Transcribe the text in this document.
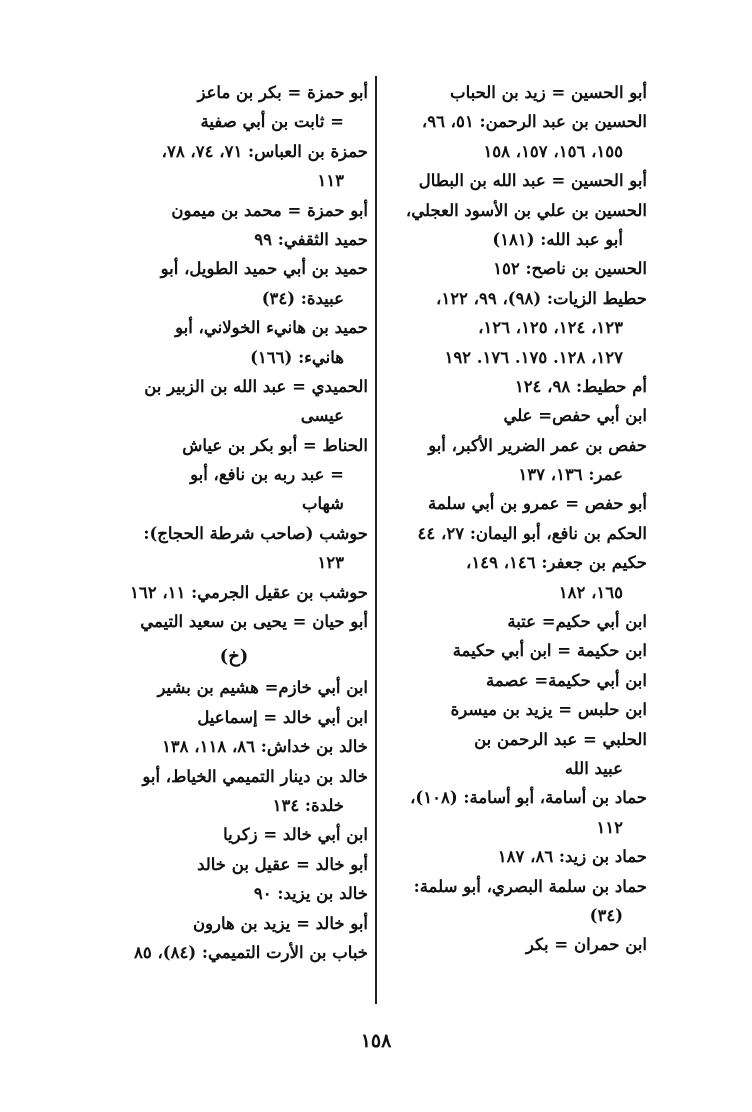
أبو الحسين = زيد بن الحباب
الحسين بن عبد الرحمن: ٥١، ٩٦،
١٥٥، ١٥٦، ١٥٧، ١٥٨
أبو الحسين = عبد الله بن البطال
الحسين بن علي بن الأسود العجلي،
أبو عبد الله: (١٨١)
الحسين بن ناصح: ١٥٢
حطيط الزيات: (٩٨)، ٩٩، ١٢٢،
١٢٣، ١٢٤، ١٢٥، ١٢٦،
١٢٧، ١٢٨. ١٧٥. ١٧٦. ١٩٢
أم حطيط: ٩٨، ١٢٤
ابن أبي حفص= علي
حفص بن عمر الضرير الأكبر، أبو
عمر: ١٣٦، ١٣٧
أبو حفص = عمرو بن أبي سلمة
الحكم بن نافع، أبو اليمان: ٢٧، ٤٤
حكيم بن جعفر: ١٤٦، ١٤٩،
١٦٥، ١٨٢
ابن أبي حكيم= عتبة
ابن حكيمة = ابن أبي حكيمة
ابن أبي حكيمة= عصمة
ابن حلبس = يزيد بن ميسرة
الحلبي = عبد الرحمن بن
عبيد الله
حماد بن أسامة، أبو أسامة: (١٠٨)،
١١٢
حماد بن زيد: ٨٦، ١٨٧
حماد بن سلمة البصري، أبو سلمة:
(٣٤)
ابن حمران = بكر
أبو حمزة = بكر بن ماعز
= ثابت بن أبي صفية
حمزة بن العباس: ٧١، ٧٤، ٧٨،
١١٣
أبو حمزة = محمد بن ميمون
حميد الثقفي: ٩٩
حميد بن أبي حميد الطويل، أبو
عبيدة: (٣٤)
حميد بن هانيء الخولاني، أبو
هانيء: (١٦٦)
الحميدي = عبد الله بن الزبير بن
عيسى
الحناط = أبو بكر بن عياش
= عبد ربه بن نافع، أبو
شهاب
حوشب (صاحب شرطة الحجاج):
١٢٣
حوشب بن عقيل الجرمي: ١١، ١٦٢
أبو حيان = يحيى بن سعيد التيمي
(خ)
ابن أبي خازم= هشيم بن بشير
ابن أبي خالد = إسماعيل
خالد بن خداش: ٨٦، ١١٨، ١٣٨
خالد بن دينار التميمي الخياط، أبو
خلدة: ١٣٤
ابن أبي خالد = زكريا
أبو خالد = عقيل بن خالد
خالد بن يزيد: ٩٠
أبو خالد = يزيد بن هارون
خباب بن الأرت التميمي: (٨٤)، ٨٥
١٥٨
